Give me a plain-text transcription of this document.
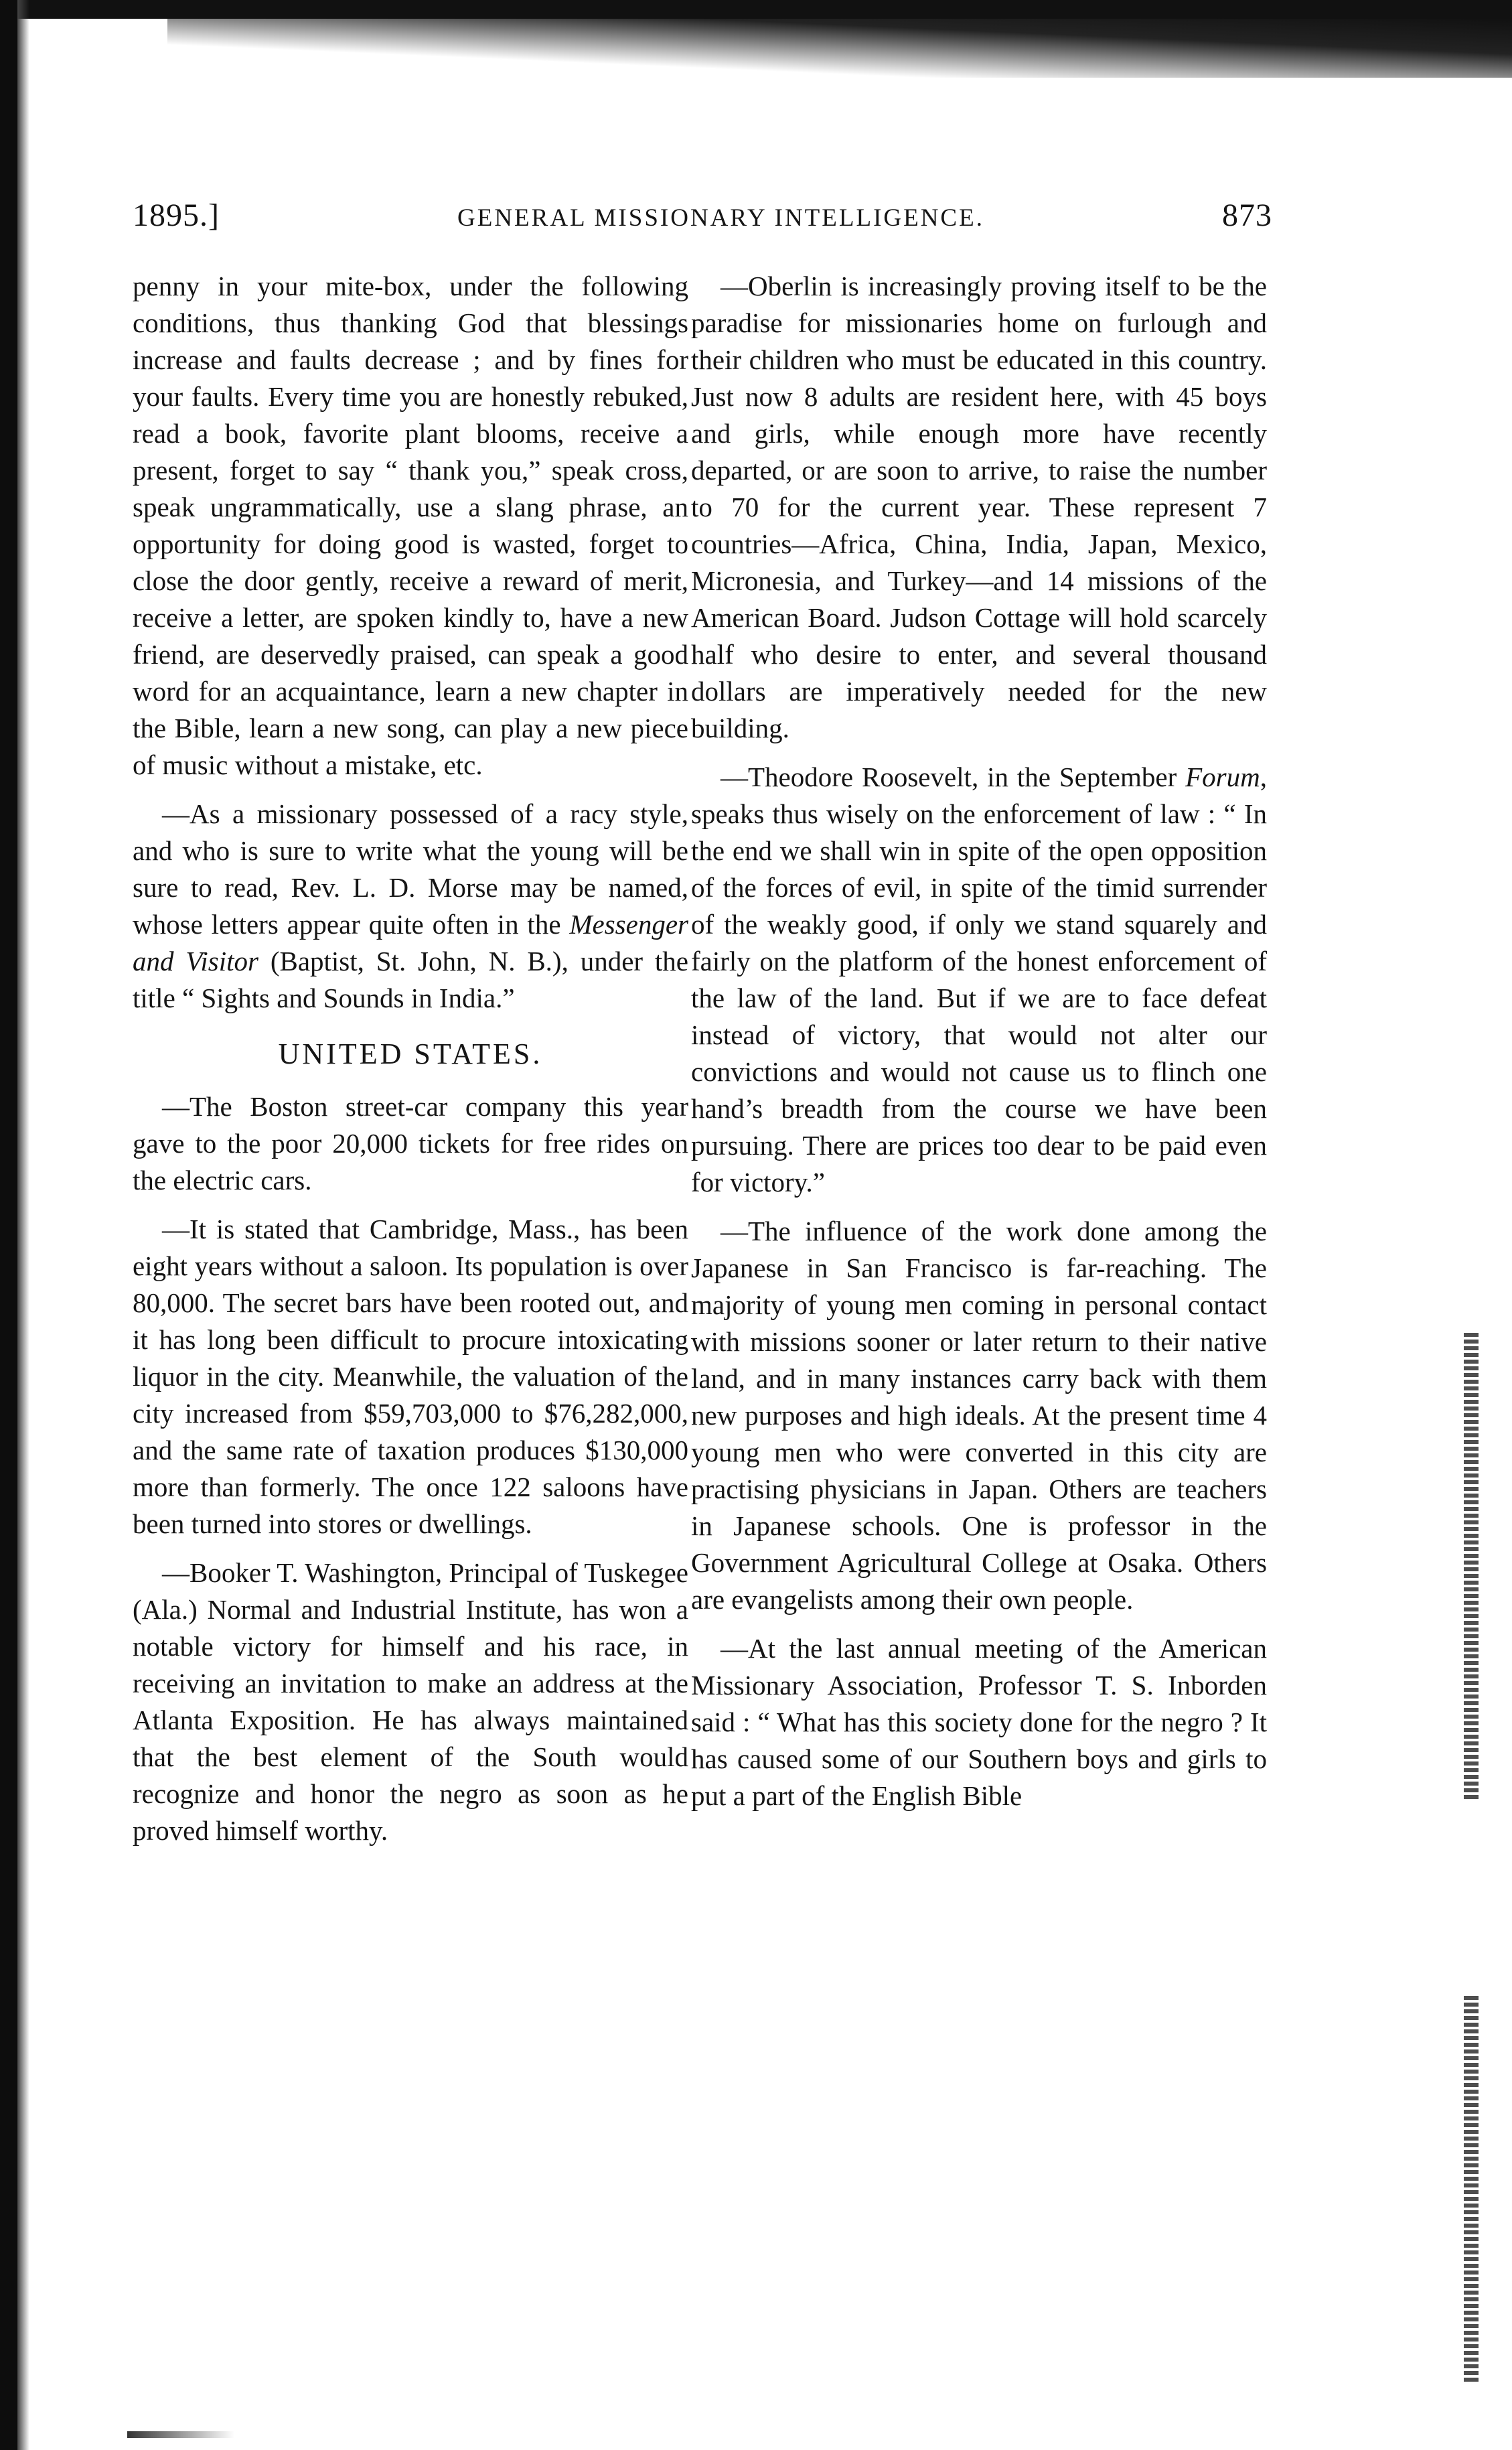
1895.]	GENERAL MISSIONARY INTELLIGENCE.	873

penny in your mite-box, under the following conditions, thus thanking God that blessings increase and faults decrease ; and by fines for your faults. Every time you are honestly rebuked, read a book, favorite plant blooms, receive a present, forget to say “ thank you,” speak cross, speak ungrammatically, use a slang phrase, an opportunity for doing good is wasted, forget to close the door gently, receive a reward of merit, receive a letter, are spoken kindly to, have a new friend, are deservedly praised, can speak a good word for an acquaintance, learn a new chapter in the Bible, learn a new song, can play a new piece of music without a mistake, etc.

—As a missionary possessed of a racy style, and who is sure to write what the young will be sure to read, Rev. L. D. Morse may be named, whose letters appear quite often in the Messenger and Visitor (Baptist, St. John, N. B.), under the title “ Sights and Sounds in India.”

UNITED STATES.

—The Boston street-car company this year gave to the poor 20,000 tickets for free rides on the electric cars.

—It is stated that Cambridge, Mass., has been eight years without a saloon. Its population is over 80,000. The secret bars have been rooted out, and it has long been difficult to procure intoxicating liquor in the city. Meanwhile, the valuation of the city increased from $59,703,000 to $76,282,000, and the same rate of taxation produces $130,000 more than formerly. The once 122 saloons have been turned into stores or dwellings.

—Booker T. Washington, Principal of Tuskegee (Ala.) Normal and Industrial Institute, has won a notable victory for himself and his race, in receiving an invitation to make an address at the Atlanta Exposition. He has always maintained that the best element of the South would recognize and honor the negro as soon as he proved himself worthy.

—Oberlin is increasingly proving itself to be the paradise for missionaries home on furlough and their children who must be educated in this country. Just now 8 adults are resident here, with 45 boys and girls, while enough more have recently departed, or are soon to arrive, to raise the number to 70 for the current year. These represent 7 countries—Africa, China, India, Japan, Mexico, Micronesia, and Turkey—and 14 missions of the American Board. Judson Cottage will hold scarcely half who desire to enter, and several thousand dollars are imperatively needed for the new building.

—Theodore Roosevelt, in the September Forum, speaks thus wisely on the enforcement of law : “ In the end we shall win in spite of the open opposition of the forces of evil, in spite of the timid surrender of the weakly good, if only we stand squarely and fairly on the platform of the honest enforcement of the law of the land. But if we are to face defeat instead of victory, that would not alter our convictions and would not cause us to flinch one hand’s breadth from the course we have been pursuing. There are prices too dear to be paid even for victory.”

—The influence of the work done among the Japanese in San Francisco is far-reaching. The majority of young men coming in personal contact with missions sooner or later return to their native land, and in many instances carry back with them new purposes and high ideals. At the present time 4 young men who were converted in this city are practising physicians in Japan. Others are teachers in Japanese schools. One is professor in the Government Agricultural College at Osaka. Others are evangelists among their own people.

—At the last annual meeting of the American Missionary Association, Professor T. S. Inborden said : “ What has this society done for the negro ? It has caused some of our Southern boys and girls to put a part of the English Bible
